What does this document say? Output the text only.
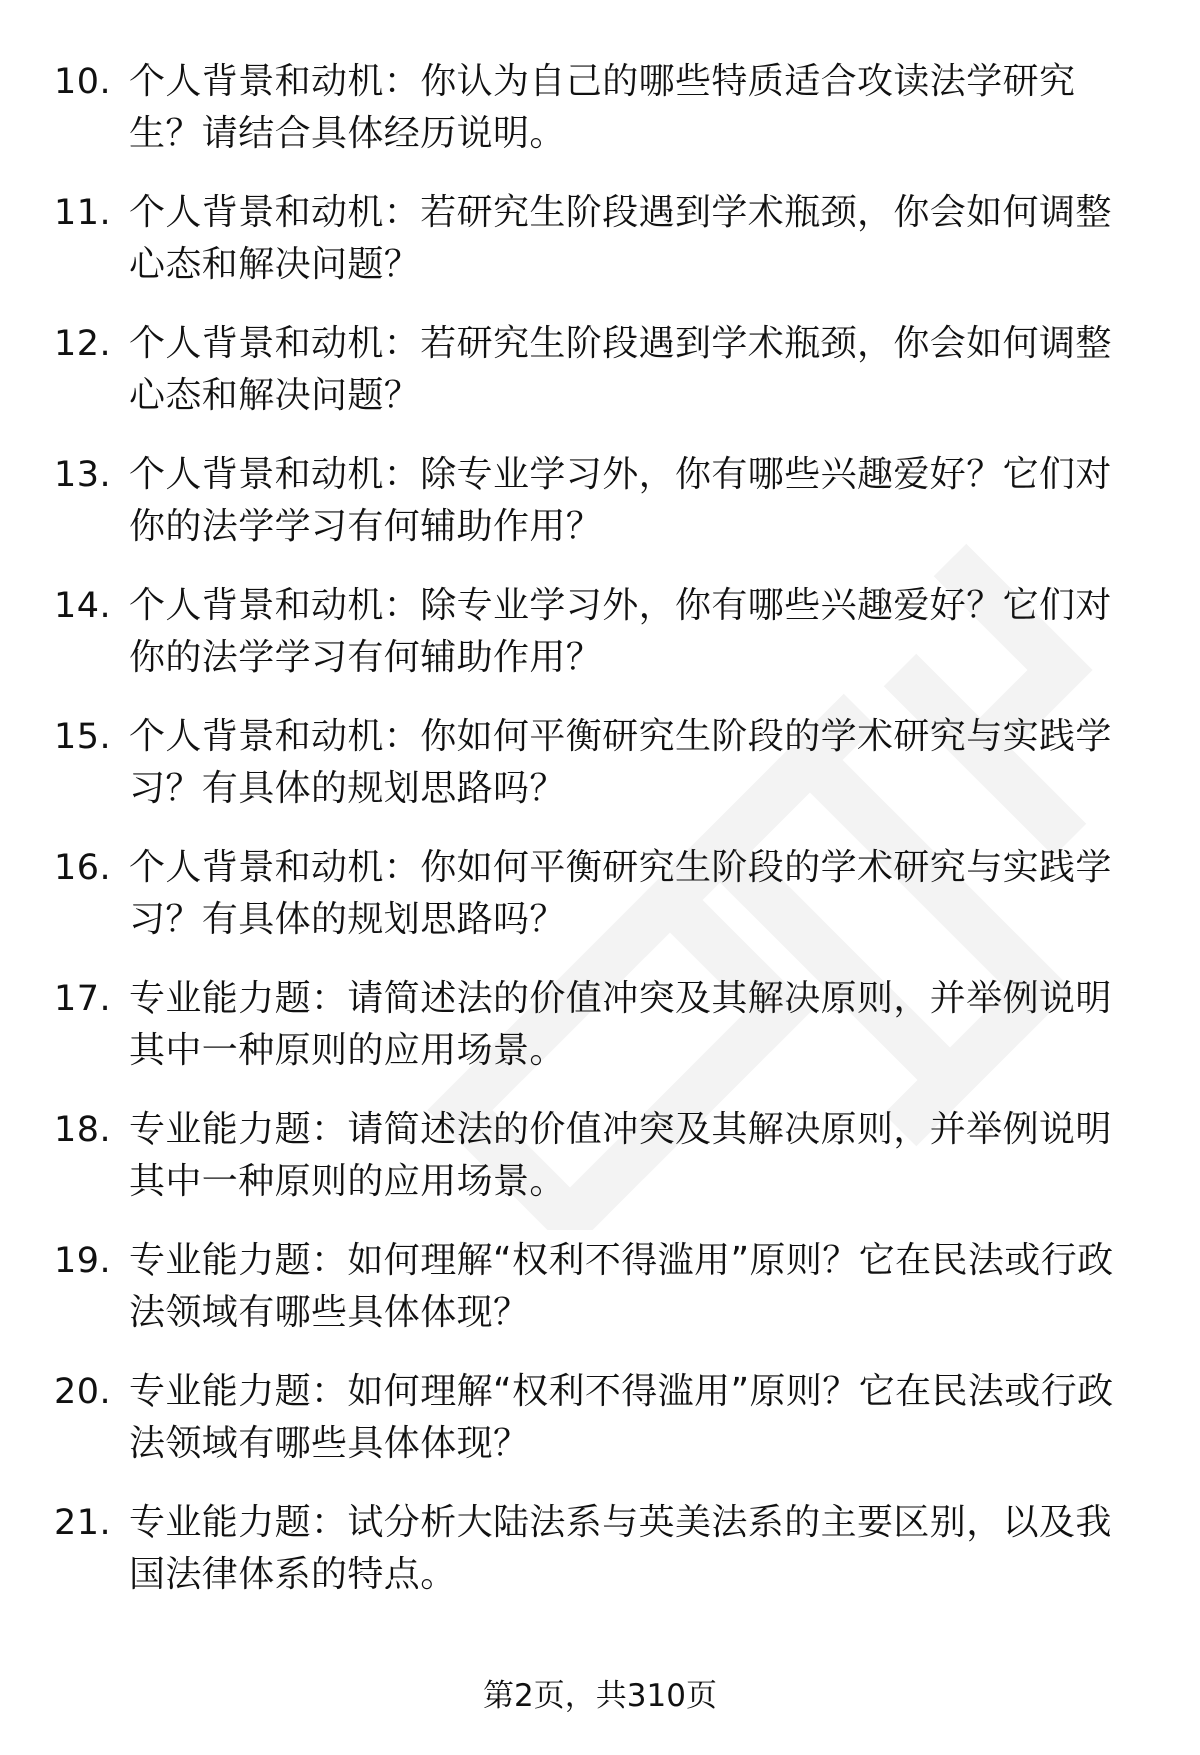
10. 个人背景和动机：你认为自己的哪些特质适合攻读法学研究生？请结合具体经历说明。
11. 个人背景和动机：若研究生阶段遇到学术瓶颈，你会如何调整心态和解决问题？
12. 个人背景和动机：若研究生阶段遇到学术瓶颈，你会如何调整心态和解决问题？
13. 个人背景和动机：除专业学习外，你有哪些兴趣爱好？它们对你的法学学习有何辅助作用？
14. 个人背景和动机：除专业学习外，你有哪些兴趣爱好？它们对你的法学学习有何辅助作用？
15. 个人背景和动机：你如何平衡研究生阶段的学术研究与实践学习？有具体的规划思路吗？
16. 个人背景和动机：你如何平衡研究生阶段的学术研究与实践学习？有具体的规划思路吗？
17. 专业能力题：请简述法的价值冲突及其解决原则，并举例说明其中一种原则的应用场景。
18. 专业能力题：请简述法的价值冲突及其解决原则，并举例说明其中一种原则的应用场景。
19. 专业能力题：如何理解“权利不得滥用”原则？它在民法或行政法领域有哪些具体体现？
20. 专业能力题：如何理解“权利不得滥用”原则？它在民法或行政法领域有哪些具体体现？
21. 专业能力题：试分析大陆法系与英美法系的主要区别，以及我国法律体系的特点。
第2页，共310页
